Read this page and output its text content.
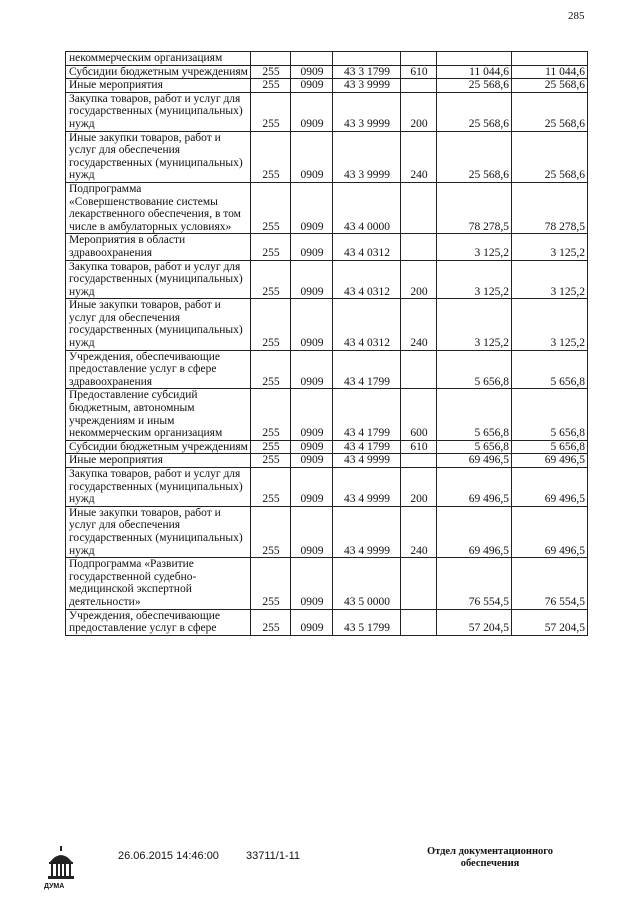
285
некоммерческим организациям						
Субсидии бюджетным учреждениям	255	0909	43 3 1799	610	11 044,6	11 044,6
Иные мероприятия	255	0909	43 3 9999		25 568,6	25 568,6
Закупка товаров, работ и услуг для государственных (муниципальных) нужд	255	0909	43 3 9999	200	25 568,6	25 568,6
Иные закупки товаров, работ и услуг для обеспечения государственных (муниципальных) нужд	255	0909	43 3 9999	240	25 568,6	25 568,6
Подпрограмма «Совершенствование системы лекарственного обеспечения, в том числе в амбулаторных условиях»	255	0909	43 4 0000		78 278,5	78 278,5
Мероприятия в области здравоохранения	255	0909	43 4 0312		3 125,2	3 125,2
Закупка товаров, работ и услуг для государственных (муниципальных) нужд	255	0909	43 4 0312	200	3 125,2	3 125,2
Иные закупки товаров, работ и услуг для обеспечения государственных (муниципальных) нужд	255	0909	43 4 0312	240	3 125,2	3 125,2
Учреждения, обеспечивающие предоставление услуг в сфере здравоохранения	255	0909	43 4 1799		5 656,8	5 656,8
Предоставление субсидий бюджетным, автономным учреждениям и иным некоммерческим организациям	255	0909	43 4 1799	600	5 656,8	5 656,8
Субсидии бюджетным учреждениям	255	0909	43 4 1799	610	5 656,8	5 656,8
Иные мероприятия	255	0909	43 4 9999		69 496,5	69 496,5
Закупка товаров, работ и услуг для государственных (муниципальных) нужд	255	0909	43 4 9999	200	69 496,5	69 496,5
Иные закупки товаров, работ и услуг для обеспечения государственных (муниципальных) нужд	255	0909	43 4 9999	240	69 496,5	69 496,5
Подпрограмма «Развитие государственной судебно-медицинской экспертной деятельности»	255	0909	43 5 0000		76 554,5	76 554,5
Учреждения, обеспечивающие предоставление услуг в сфере	255	0909	43 5 1799		57 204,5	57 204,5
ДУМА
26.06.2015 14:46:00 33711/1-11	Отдел документационного обеспечения
